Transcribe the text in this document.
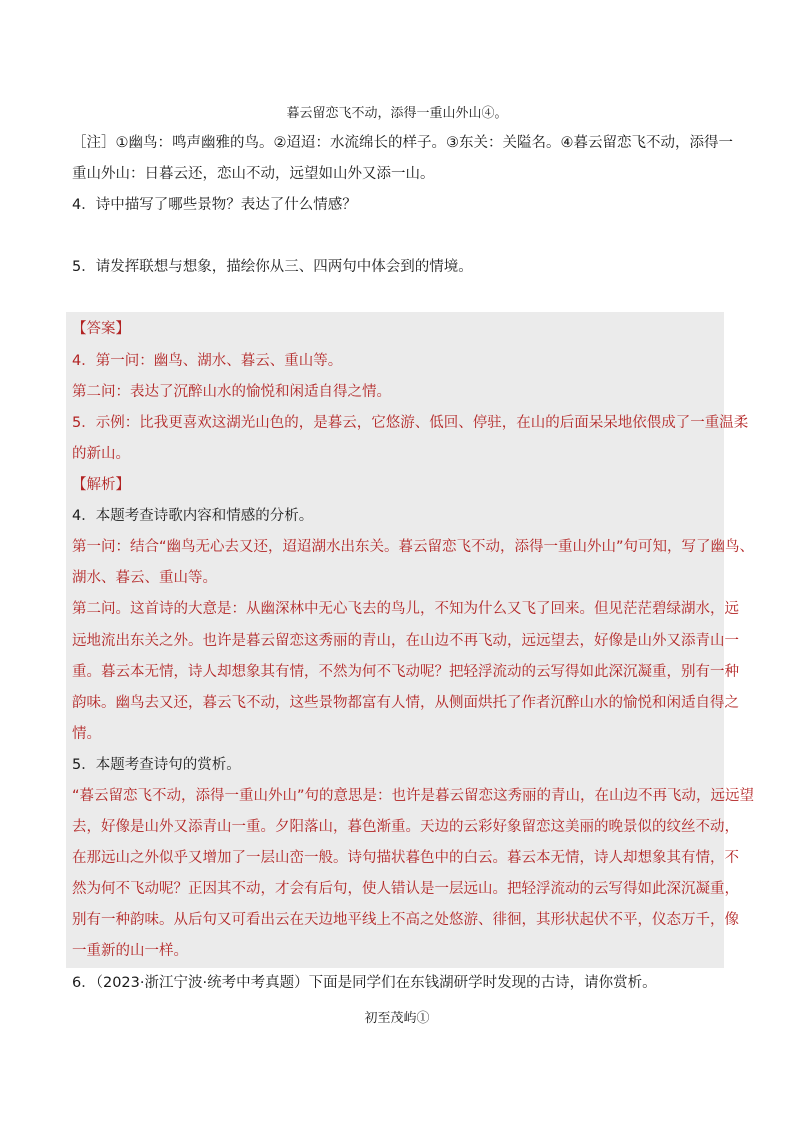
暮云留恋飞不动，添得一重山外山④。
［注］①幽鸟：鸣声幽雅的鸟。②迢迢：水流绵长的样子。③东关：关隘名。④暮云留恋飞不动，添得一
重山外山：日暮云还，恋山不动，远望如山外又添一山。
4．诗中描写了哪些景物？表达了什么情感？
5．请发挥联想与想象，描绘你从三、四两句中体会到的情境。
【答案】
4．第一问：幽鸟、湖水、暮云、重山等。
第二问：表达了沉醉山水的愉悦和闲适自得之情。
5．示例：比我更喜欢这湖光山色的，是暮云，它悠游、低回、停驻，在山的后面呆呆地依偎成了一重温柔
的新山。
【解析】
4．本题考查诗歌内容和情感的分析。
第一问：结合“幽鸟无心去又还，迢迢湖水出东关。暮云留恋飞不动，添得一重山外山”句可知，写了幽鸟、
湖水、暮云、重山等。
第二问。这首诗的大意是：从幽深林中无心飞去的鸟儿，不知为什么又飞了回来。但见茫茫碧绿湖水，远
远地流出东关之外。也许是暮云留恋这秀丽的青山，在山边不再飞动，远远望去，好像是山外又添青山一
重。暮云本无情，诗人却想象其有情，不然为何不飞动呢？把轻浮流动的云写得如此深沉凝重，别有一种
韵味。幽鸟去又还，暮云飞不动，这些景物都富有人情，从侧面烘托了作者沉醉山水的愉悦和闲适自得之
情。
5．本题考查诗句的赏析。
“暮云留恋飞不动，添得一重山外山”句的意思是：也许是暮云留恋这秀丽的青山，在山边不再飞动，远远望
去，好像是山外又添青山一重。夕阳落山，暮色渐重。天边的云彩好象留恋这美丽的晚景似的纹丝不动，
在那远山之外似乎又增加了一层山峦一般。诗句描状暮色中的白云。暮云本无情，诗人却想象其有情，不
然为何不飞动呢？正因其不动，才会有后句，使人错认是一层远山。把轻浮流动的云写得如此深沉凝重，
别有一种韵味。从后句又可看出云在天边地平线上不高之处悠游、徘徊，其形状起伏不平，仪态万千，像
一重新的山一样。
6．（2023·浙江宁波·统考中考真题）下面是同学们在东钱湖研学时发现的古诗，请你赏析。
初至茂屿①
